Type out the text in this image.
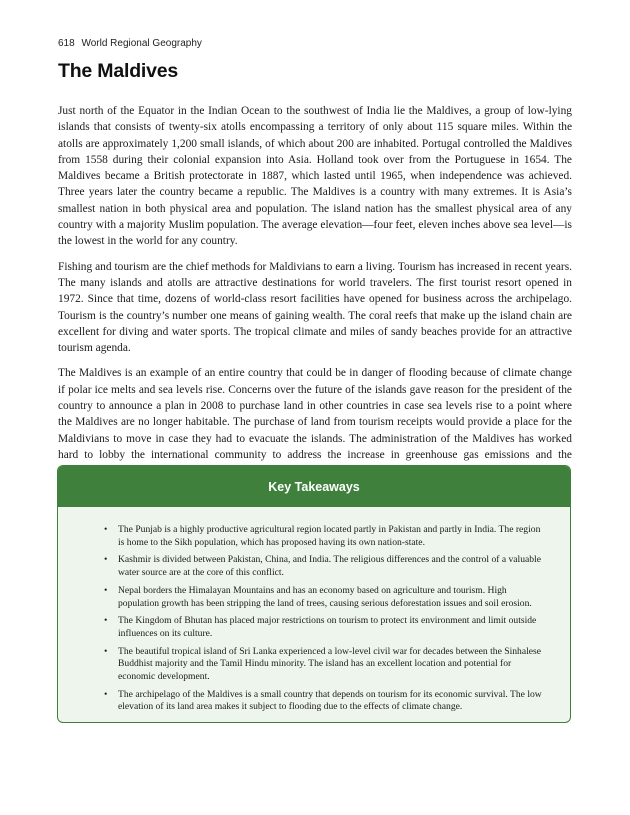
618 World Regional Geography
The Maldives

Just north of the Equator in the Indian Ocean to the southwest of India lie the Maldives, a group of low-lying islands that consists of twenty-six atolls encompassing a territory of only about 115 square miles. Within the atolls are approximately 1,200 small islands, of which about 200 are inhabited. Portugal controlled the Maldives from 1558 during their colonial expansion into Asia. Holland took over from the Portuguese in 1654. The Maldives became a British protectorate in 1887, which lasted until 1965, when independence was achieved. Three years later the country became a republic. The Maldives is a country with many extremes. It is Asia’s smallest nation in both physical area and population. The island nation has the smallest physical area of any country with a majority Muslim population. The average elevation—four feet, eleven inches above sea level—is the lowest in the world for any country.

Fishing and tourism are the chief methods for Maldivians to earn a living. Tourism has increased in recent years. The many islands and atolls are attractive destinations for world travelers. The first tourist resort opened in 1972. Since that time, dozens of world-class resort facilities have opened for business across the archipelago. Tourism is the country’s number one means of gaining wealth. The coral reefs that make up the island chain are excellent for diving and water sports. The tropical climate and miles of sandy beaches provide for an attractive tourism agenda.

The Maldives is an example of an entire country that could be in danger of flooding because of climate change if polar ice melts and sea levels rise. Concerns over the future of the islands gave reason for the president of the country to announce a plan in 2008 to purchase land in other countries in case sea levels rise to a point where the Maldives are no longer habitable. The purchase of land from tourism receipts would provide a place for the Maldivians to move in case they had to evacuate the islands. The administration of the Maldives has worked hard to lobby the international community to address the increase in greenhouse gas emissions and the

Key Takeaways
• The Punjab is a highly productive agricultural region located partly in Pakistan and partly in India. The region is home to the Sikh population, which has proposed having its own nation-state.
• Kashmir is divided between Pakistan, China, and India. The religious differences and the control of a valuable water source are at the core of this conflict.
• Nepal borders the Himalayan Mountains and has an economy based on agriculture and tourism. High population growth has been stripping the land of trees, causing serious deforestation issues and soil erosion.
• The Kingdom of Bhutan has placed major restrictions on tourism to protect its environment and limit outside influences on its culture.
• The beautiful tropical island of Sri Lanka experienced a low-level civil war for decades between the Sinhalese Buddhist majority and the Tamil Hindu minority. The island has an excellent location and potential for economic development.
• The archipelago of the Maldives is a small country that depends on tourism for its economic survival. The low elevation of its land area makes it subject to flooding due to the effects of climate change.
